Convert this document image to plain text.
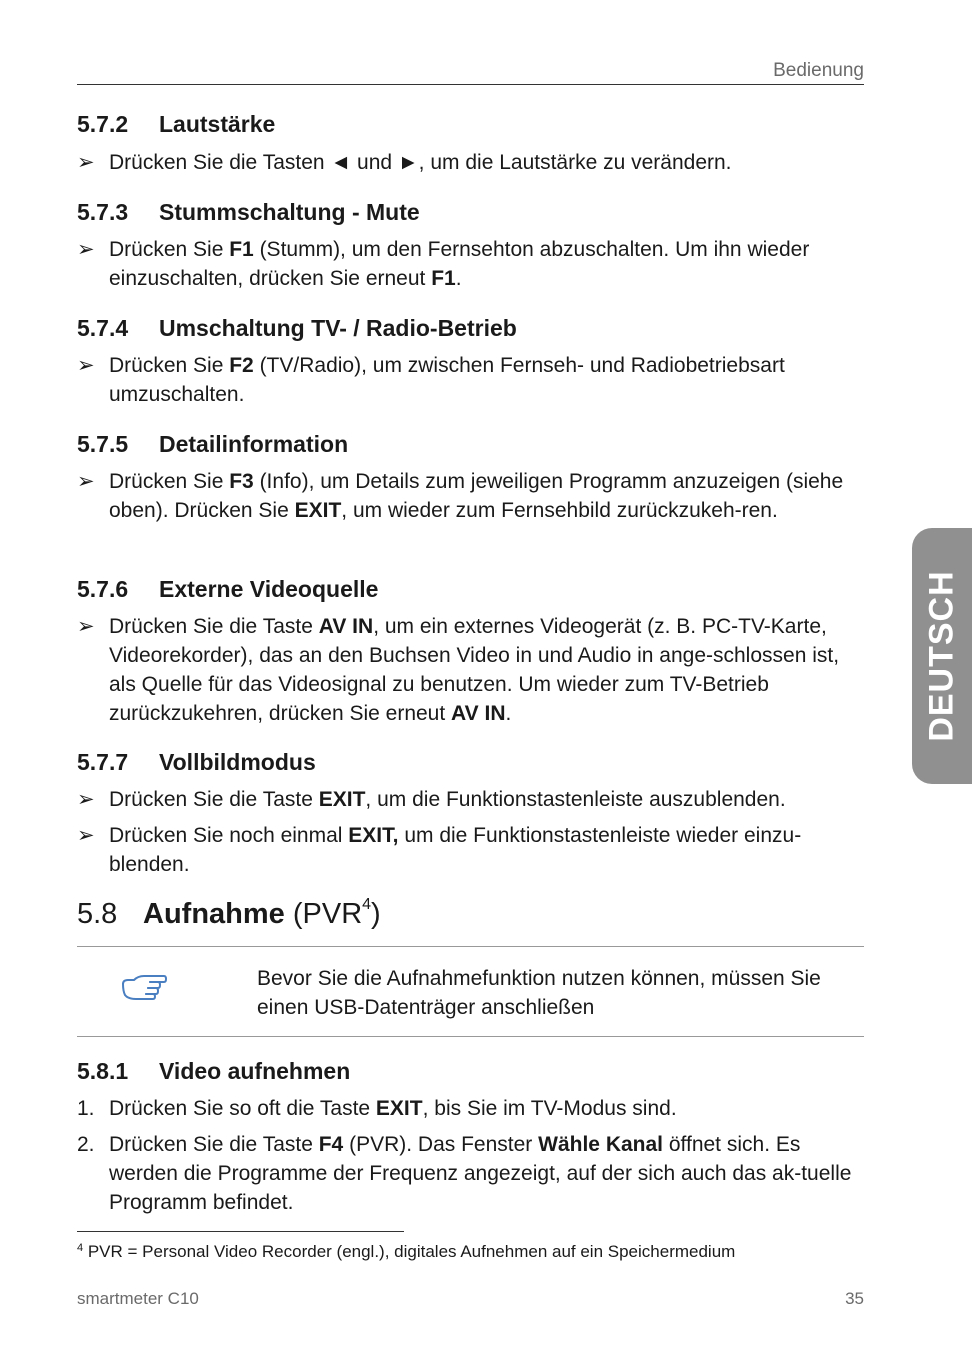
Bedienung
5.7.2 Lautstärke
➢ Drücken Sie die Tasten ◄ und ►, um die Lautstärke zu verändern.
5.7.3 Stummschaltung - Mute
➢ Drücken Sie F1 (Stumm), um den Fernsehton abzuschalten. Um ihn wieder einzuschalten, drücken Sie erneut F1.
5.7.4 Umschaltung TV- / Radio-Betrieb
➢ Drücken Sie F2 (TV/Radio), um zwischen Fernseh- und Radiobetriebsart umzuschalten.
5.7.5 Detailinformation
➢ Drücken Sie F3 (Info), um Details zum jeweiligen Programm anzuzeigen (siehe oben). Drücken Sie EXIT, um wieder zum Fernsehbild zurückzukeh-ren.
5.7.6 Externe Videoquelle
➢ Drücken Sie die Taste AV IN, um ein externes Videogerät (z. B. PC-TV-Karte, Videorekorder), das an den Buchsen Video in und Audio in ange-schlossen ist, als Quelle für das Videosignal zu benutzen. Um wieder zum TV-Betrieb zurückzukehren, drücken Sie erneut AV IN.
5.7.7 Vollbildmodus
➢ Drücken Sie die Taste EXIT, um die Funktionstastenleiste auszublenden.
➢ Drücken Sie noch einmal EXIT, um die Funktionstastenleiste wieder einzu-blenden.
5.8 Aufnahme (PVR$^4$)
Bevor Sie die Aufnahmefunktion nutzen können, müssen Sie einen USB-Datenträger anschließen
5.8.1 Video aufnehmen
1. Drücken Sie so oft die Taste EXIT, bis Sie im TV-Modus sind.
2. Drücken Sie die Taste F4 (PVR). Das Fenster Wähle Kanal öffnet sich. Es werden die Programme der Frequenz angezeigt, auf der sich auch das ak-tuelle Programm befindet.
$^4$ PVR = Personal Video Recorder (engl.), digitales Aufnehmen auf ein Speichermedium
smartmeter C10	35
DEUTSCH
